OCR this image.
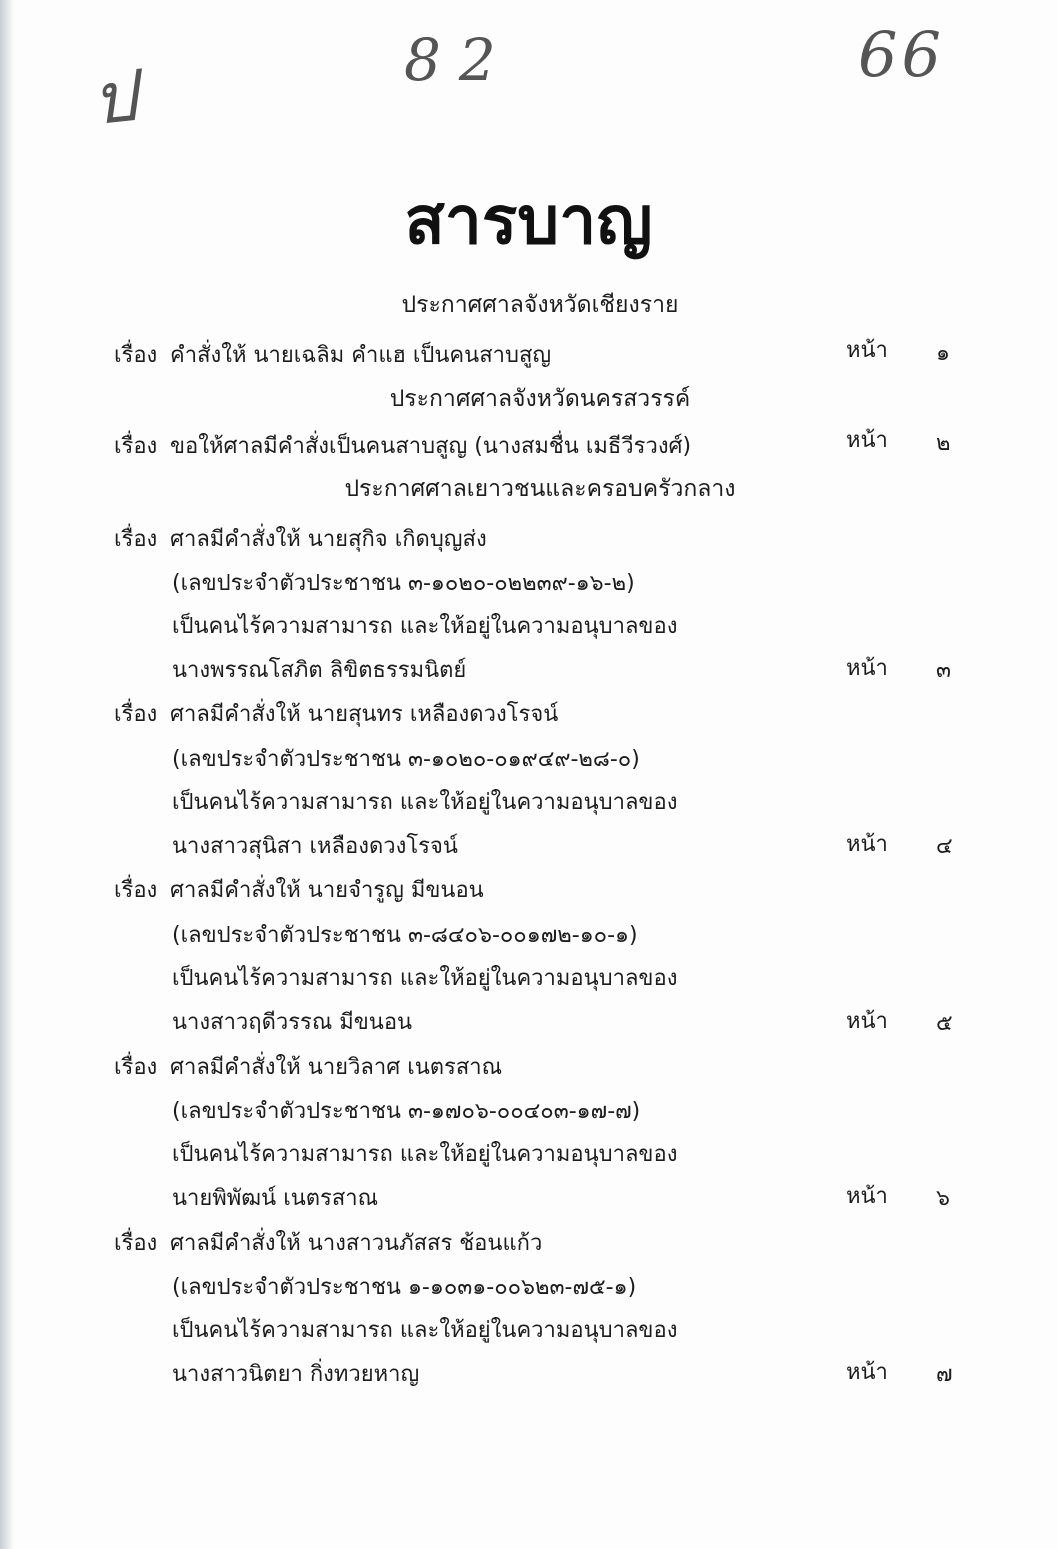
ป	82	66
สารบาญ
ประกาศศาลจังหวัดเชียงราย
เรื่อง คำสั่งให้ นายเฉลิม คำแฮ เป็นคนสาบสูญ	หน้า ๑
ประกาศศาลจังหวัดนครสวรรค์
เรื่อง ขอให้ศาลมีคำสั่งเป็นคนสาบสูญ (นางสมชื่น เมธีวีรวงศ์)	หน้า ๒
ประกาศศาลเยาวชนและครอบครัวกลาง
เรื่อง ศาลมีคำสั่งให้ นายสุกิจ เกิดบุญส่ง
(เลขประจำตัวประชาชน ๓-๑๐๒๐-๐๒๒๓๙-๑๖-๒)
เป็นคนไร้ความสามารถ และให้อยู่ในความอนุบาลของ
นางพรรณโสภิต ลิขิตธรรมนิตย์	หน้า ๓
เรื่อง ศาลมีคำสั่งให้ นายสุนทร เหลืองดวงโรจน์
(เลขประจำตัวประชาชน ๓-๑๐๒๐-๐๑๙๔๙-๒๘-๐)
เป็นคนไร้ความสามารถ และให้อยู่ในความอนุบาลของ
นางสาวสุนิสา เหลืองดวงโรจน์	หน้า ๔
เรื่อง ศาลมีคำสั่งให้ นายจำรูญ มีขนอน
(เลขประจำตัวประชาชน ๓-๘๔๐๖-๐๐๑๗๒-๑๐-๑)
เป็นคนไร้ความสามารถ และให้อยู่ในความอนุบาลของ
นางสาวฤดีวรรณ มีขนอน	หน้า ๕
เรื่อง ศาลมีคำสั่งให้ นายวิลาศ เนตรสาณ
(เลขประจำตัวประชาชน ๓-๑๗๐๖-๐๐๔๐๓-๑๗-๗)
เป็นคนไร้ความสามารถ และให้อยู่ในความอนุบาลของ
นายพิพัฒน์ เนตรสาณ	หน้า ๖
เรื่อง ศาลมีคำสั่งให้ นางสาวนภัสสร ช้อนแก้ว
(เลขประจำตัวประชาชน ๑-๑๐๓๑-๐๐๖๒๓-๗๕-๑)
เป็นคนไร้ความสามารถ และให้อยู่ในความอนุบาลของ
นางสาวนิตยา กิ่งทวยหาญ	หน้า ๗
